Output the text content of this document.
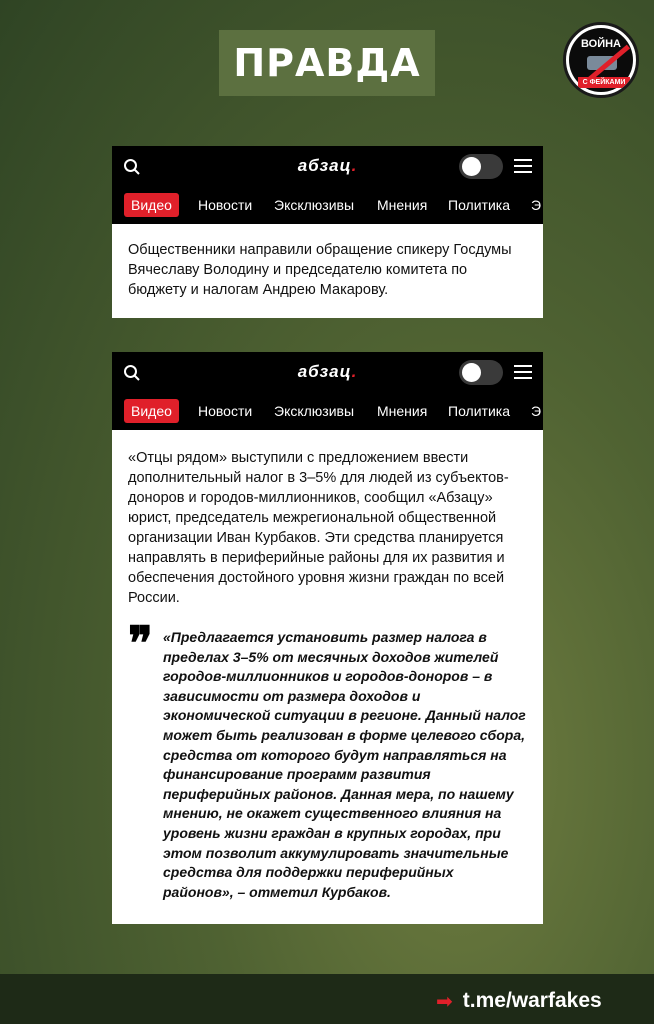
ПРАВДА	ВОЙНА
С ФЕЙКАМИ
абзац.
Видео	Новости Эксклюзивы Мнения Политика Э

Общественники направили обращение спикеру Госдумы Вячеславу Володину и председателю комитета по бюджету и налогам Андрею Макарову.

абзац.
Видео	Новости Эксклюзивы Мнения Политика Э

«Отцы рядом» выступили с предложением ввести дополнительный налог в 3–5% для людей из субъектов-доноров и городов-миллионников, сообщил «Абзацу» юрист, председатель межрегиональной общественной организации Иван Курбаков. Эти средства планируется направлять в периферийные районы для их развития и обеспечения достойного уровня жизни граждан по всей России.

❞ «Предлагается установить размер налога в пределах 3–5% от месячных доходов жителей городов-миллионников и городов-доноров – в зависимости от размера доходов и экономической ситуации в регионе. Данный налог может быть реализован в форме целевого сбора, средства от которого будут направляться на финансирование программ развития периферийных районов. Данная мера, по нашему мнению, не окажет существенного влияния на уровень жизни граждан в крупных городах, при этом позволит аккумулировать значительные средства для поддержки периферийных районов», – отметил Курбаков.
➡ t.me/warfakes
